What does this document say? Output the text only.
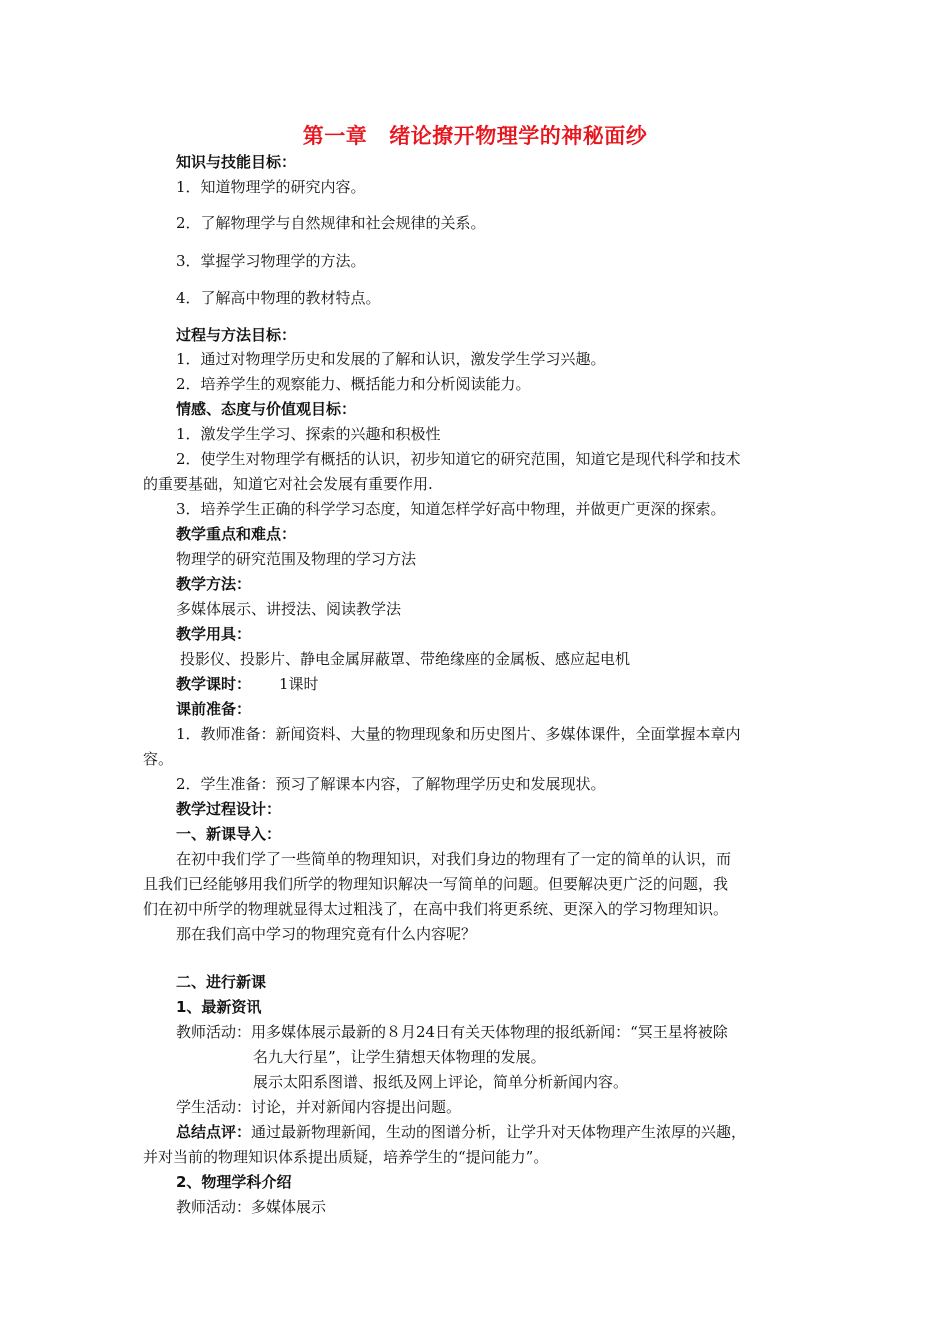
第一章 绪论撩开物理学的神秘面纱
知识与技能目标：
1．知道物理学的研究内容。
2．了解物理学与自然规律和社会规律的关系。
3．掌握学习物理学的方法。
4．了解高中物理的教材特点。
过程与方法目标：
1．通过对物理学历史和发展的了解和认识，激发学生学习兴趣。
2．培养学生的观察能力、概括能力和分析阅读能力。
情感、态度与价值观目标：
1．激发学生学习、探索的兴趣和积极性
2．使学生对物理学有概括的认识，初步知道它的研究范围，知道它是现代科学和技术
的重要基础，知道它对社会发展有重要作用.
3．培养学生正确的科学学习态度，知道怎样学好高中物理，并做更广更深的探索。
教学重点和难点：
物理学的研究范围及物理的学习方法
教学方法：
多媒体展示、讲授法、阅读教学法
教学用具：
投影仪、投影片、静电金属屏蔽罩、带绝缘座的金属板、感应起电机
教学课时： 1课时
课前准备：
1．教师准备：新闻资料、大量的物理现象和历史图片、多媒体课件，全面掌握本章内
容。
2．学生准备：预习了解课本内容，了解物理学历史和发展现状。
教学过程设计：
一、新课导入：
在初中我们学了一些简单的物理知识，对我们身边的物理有了一定的简单的认识，而
且我们已经能够用我们所学的物理知识解决一写简单的问题。但要解决更广泛的问题，我
们在初中所学的物理就显得太过粗浅了，在高中我们将更系统、更深入的学习物理知识。
那在我们高中学习的物理究竟有什么内容呢？
二、进行新课
1、最新资讯
教师活动：用多媒体展示最新的８月24日有关天体物理的报纸新闻：“冥王星将被除
名九大行星”，让学生猜想天体物理的发展。
展示太阳系图谱、报纸及网上评论，简单分析新闻内容。
学生活动：讨论，并对新闻内容提出问题。
总结点评：通过最新物理新闻，生动的图谱分析，让学升对天体物理产生浓厚的兴趣，
并对当前的物理知识体系提出质疑，培养学生的“提问能力”。
2、物理学科介绍
教师活动：多媒体展示
